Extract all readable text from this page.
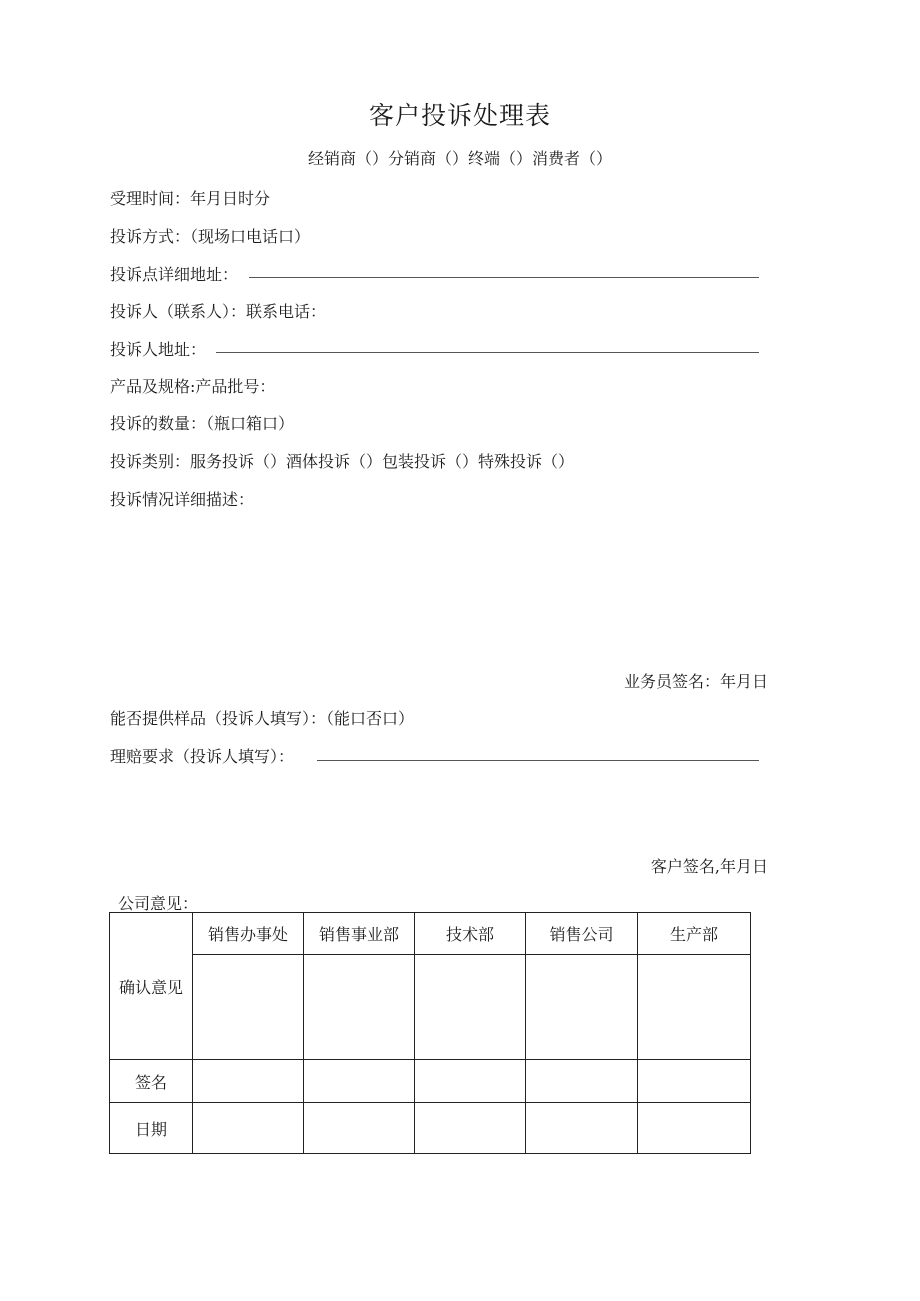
客户投诉处理表
经销商（）分销商（）终端（）消费者（）
受理时间：年月日时分
投诉方式：（现场口电话口）
投诉点详细地址：
投诉人（联系人）：联系电话：
投诉人地址：
产品及规格:产品批号：
投诉的数量：（瓶口箱口）
投诉类别：服务投诉（）酒体投诉（）包装投诉（）特殊投诉（）
投诉情况详细描述：
业务员签名：年月日
能否提供样品（投诉人填写）：（能口否口）
理赔要求（投诉人填写）：
客户签名,年月日
公司意见：
确认意见	销售办事处	销售事业部	技术部	销售公司	生产部

签名					
日期					
